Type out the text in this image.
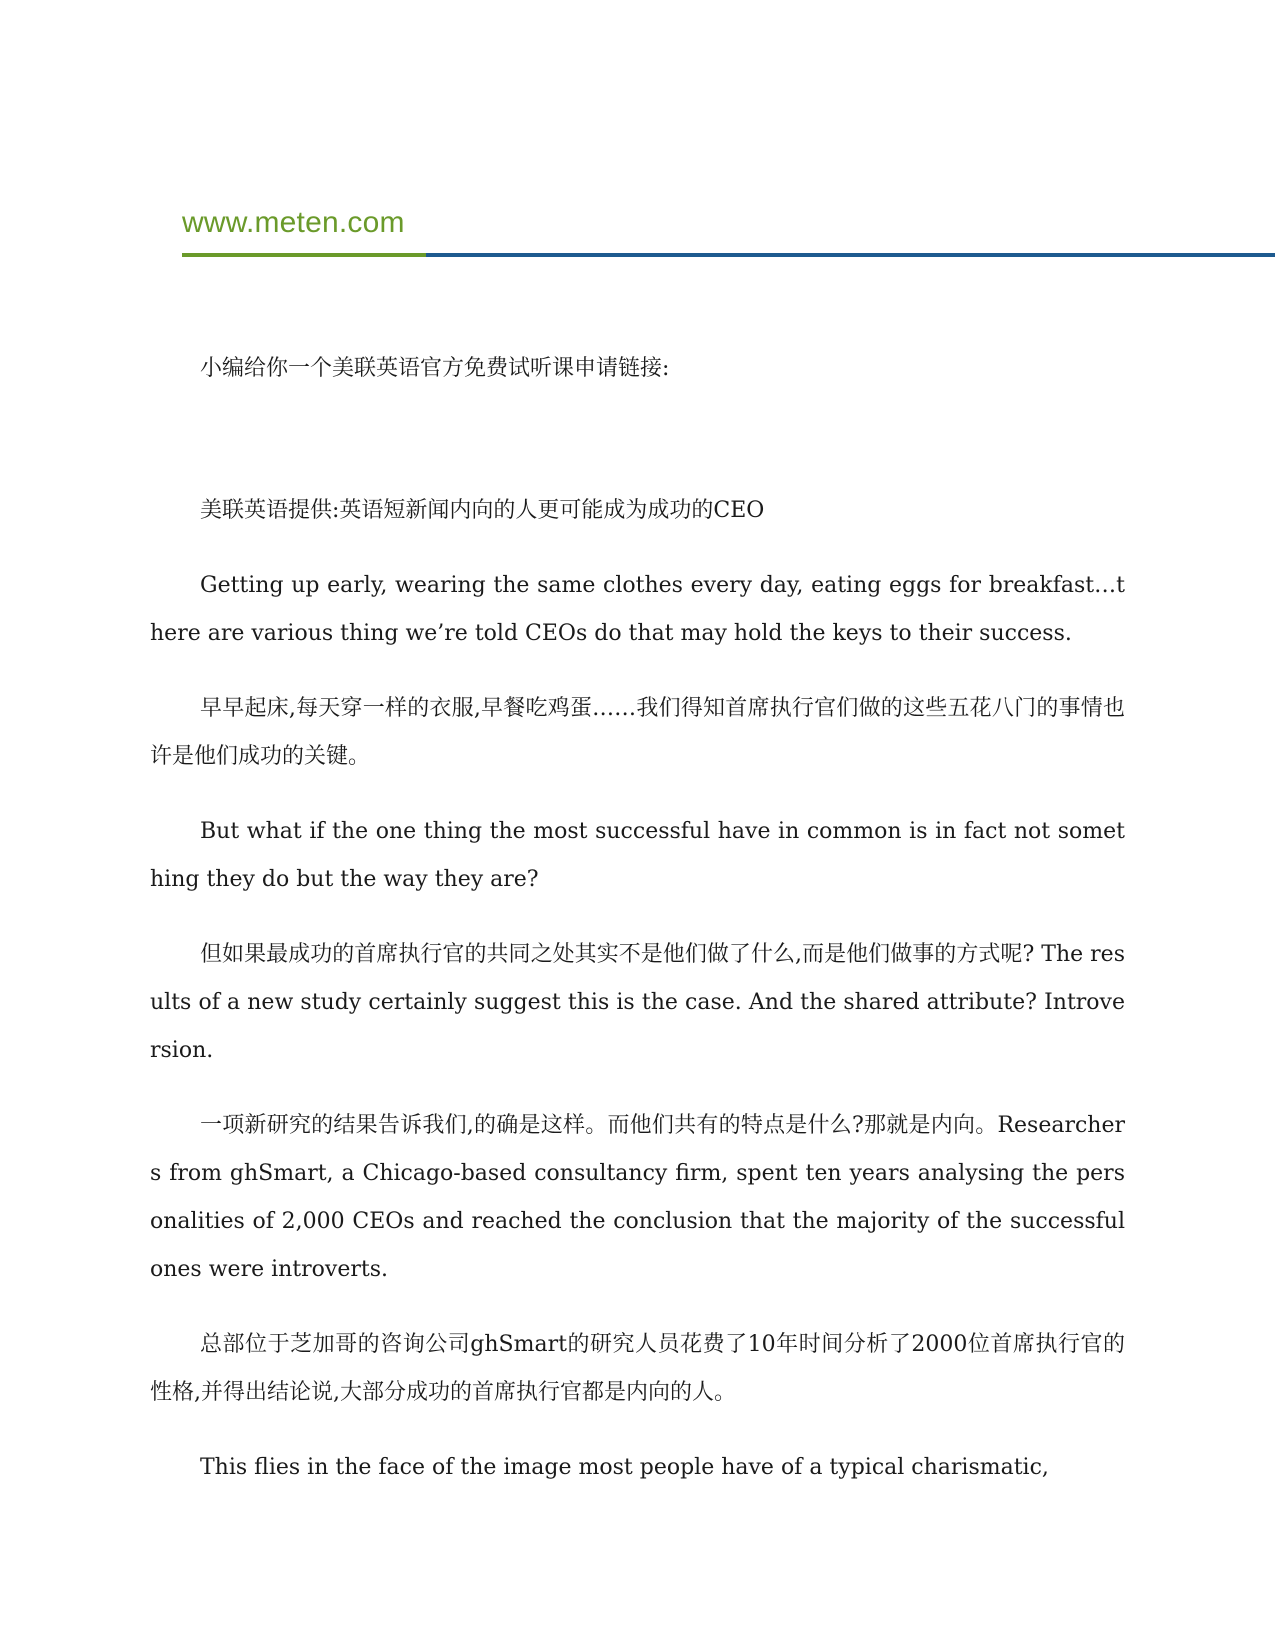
www.meten.com

小编给你一个美联英语官方免费试听课申请链接:

美联英语提供:英语短新闻内向的人更可能成为成功的CEO

Getting up early, wearing the same clothes every day, eating eggs for breakfast…there are various thing we’re told CEOs do that may hold the keys to their success.

早早起床,每天穿一样的衣服,早餐吃鸡蛋……我们得知首席执行官们做的这些五花八门的事情也许是他们成功的关键。

But what if the one thing the most successful have in common is in fact not something they do but the way they are?

但如果最成功的首席执行官的共同之处其实不是他们做了什么,而是他们做事的方式呢? The results of a new study certainly suggest this is the case. And the shared attribute? Introversion.

一项新研究的结果告诉我们,的确是这样。而他们共有的特点是什么?那就是内向。Researchers from ghSmart, a Chicago-based consultancy firm, spent ten years analysing the personalities of 2,000 CEOs and reached the conclusion that the majority of the successful ones were introverts.

总部位于芝加哥的咨询公司ghSmart的研究人员花费了10年时间分析了2000位首席执行官的性格,并得出结论说,大部分成功的首席执行官都是内向的人。

This flies in the face of the image most people have of a typical charismatic,
